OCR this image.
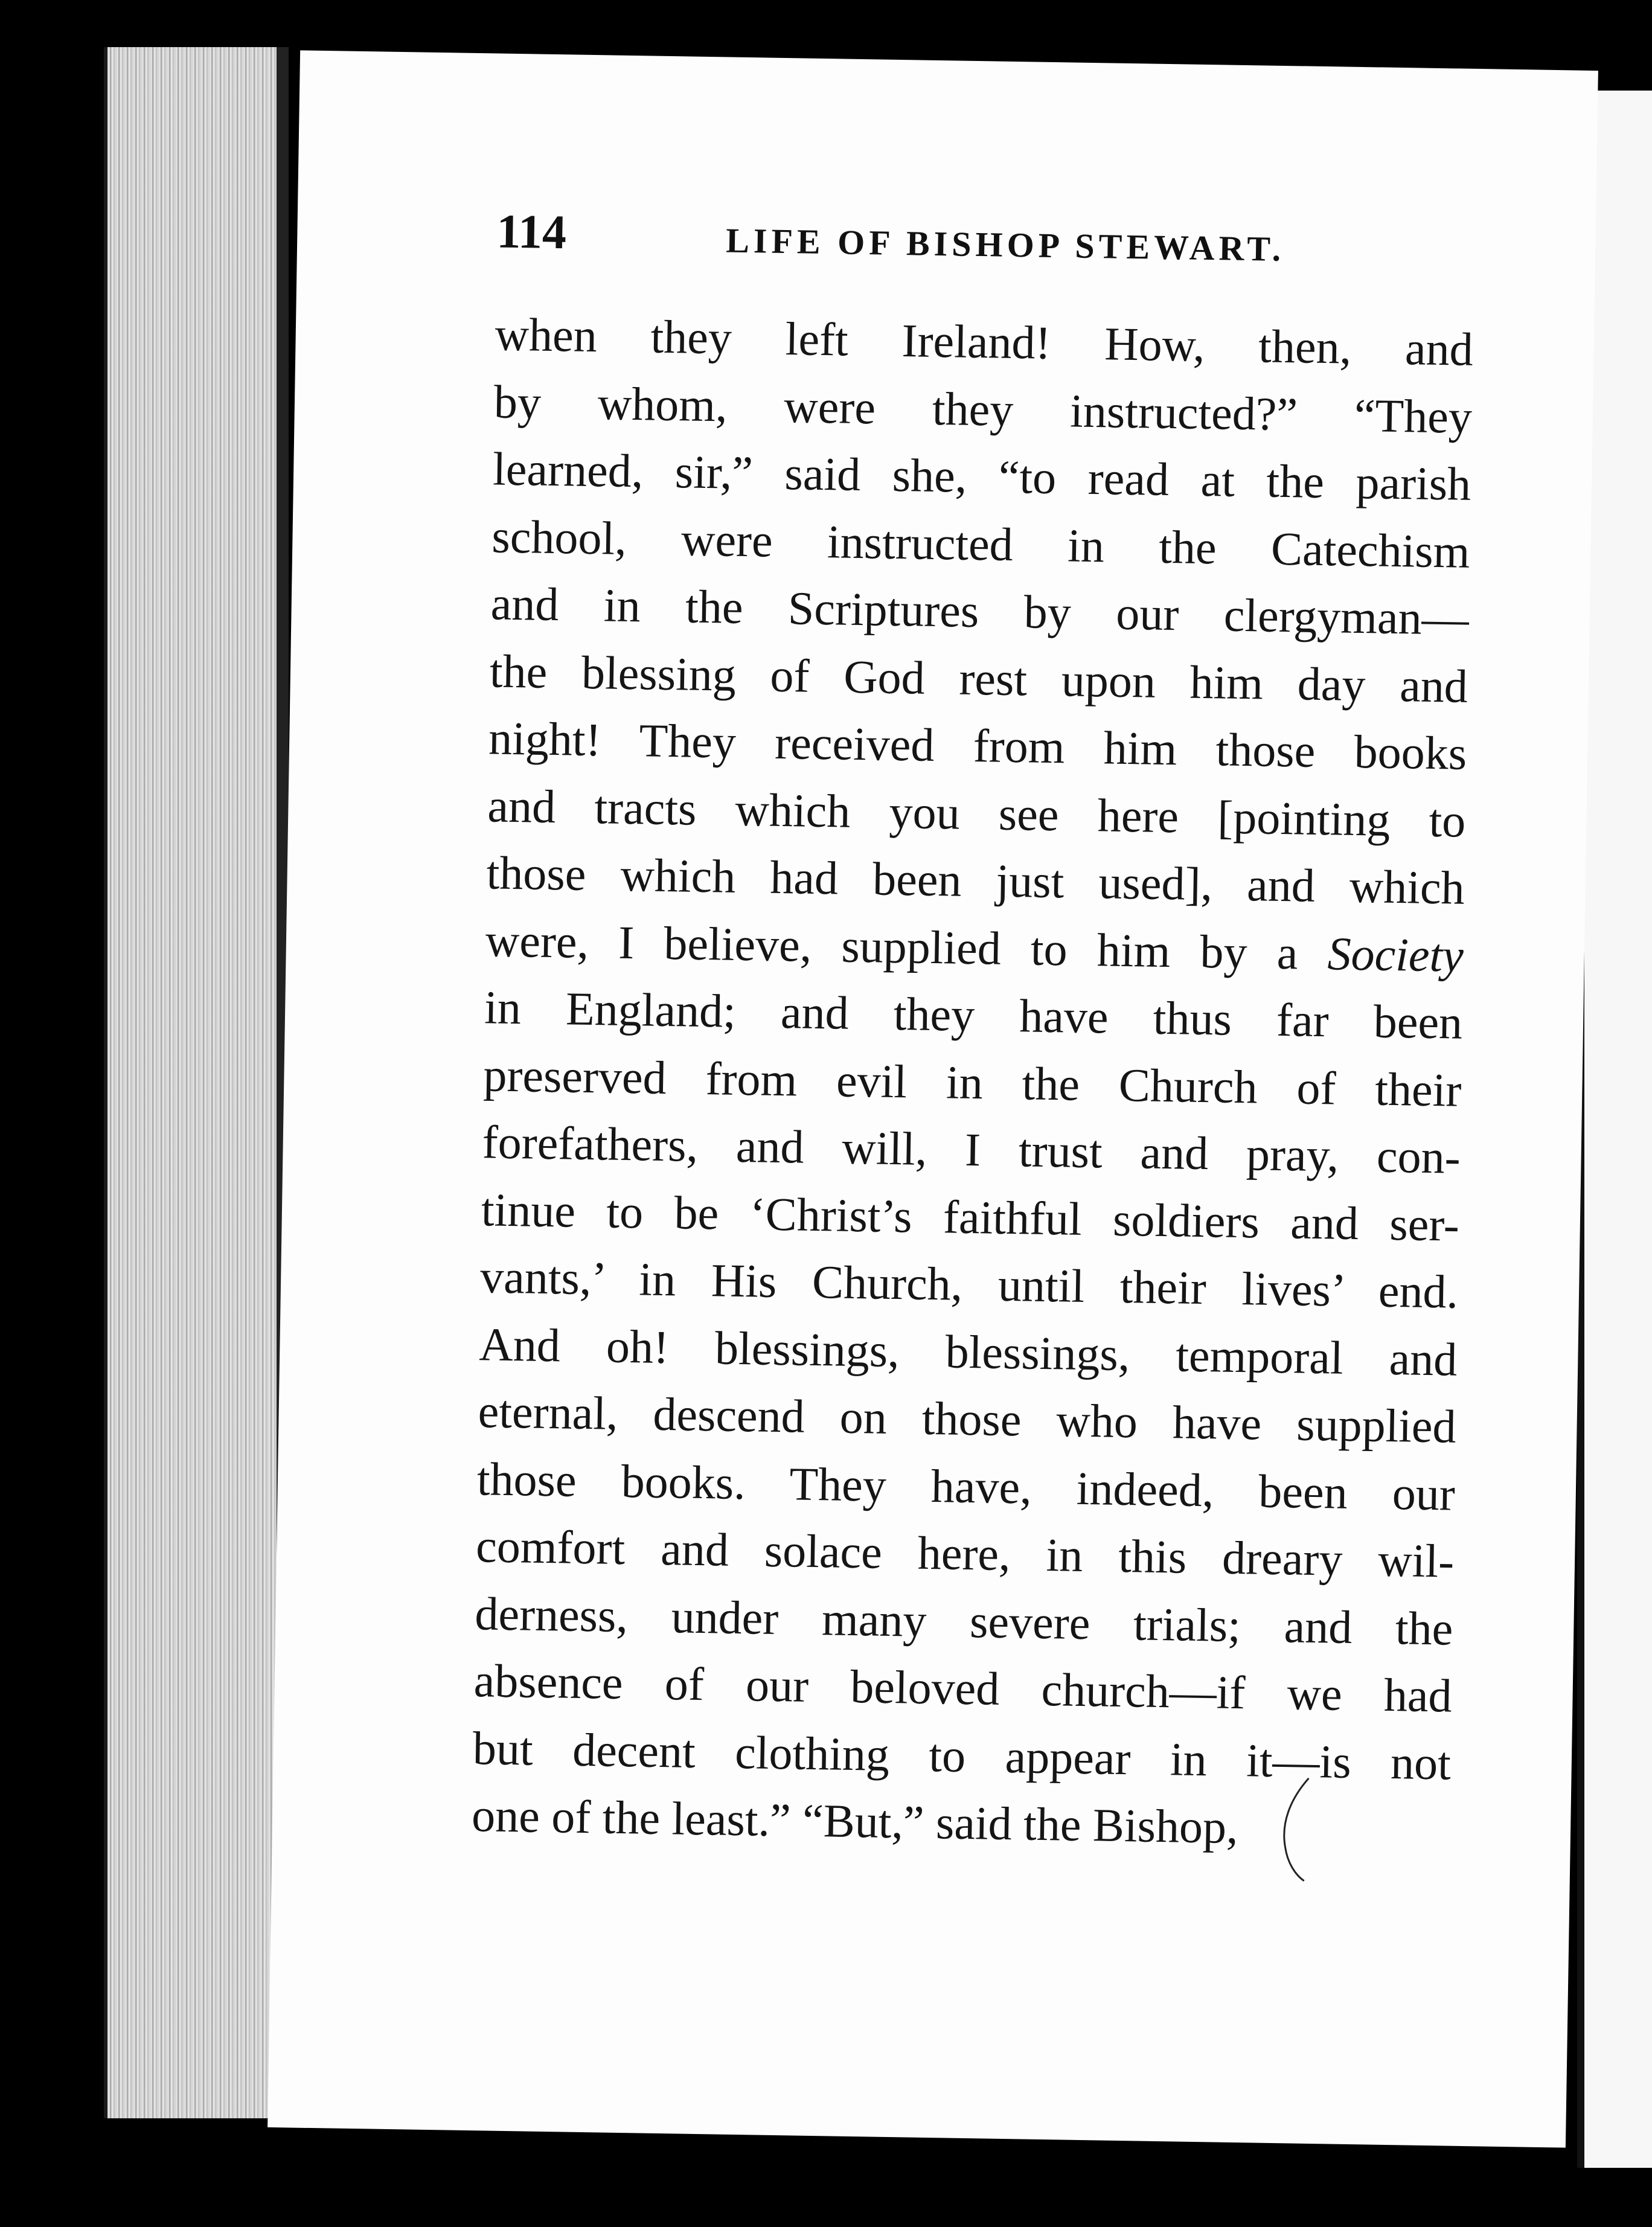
114	LIFE OF BISHOP STEWART.
when they left Ireland! How, then, and
by whom, were they instructed?” “They
learned, sir,” said she, “to read at the parish
school, were instructed in the Catechism
and in the Scriptures by our clergyman—
the blessing of God rest upon him day and
night! They received from him those books
and tracts which you see here [pointing to
those which had been just used], and which
were, I believe, supplied to him by a Society
in England; and they have thus far been
preserved from evil in the Church of their
forefathers, and will, I trust and pray, con-
tinue to be ‘Christ’s faithful soldiers and ser-
vants,’ in His Church, until their lives’ end.
And oh! blessings, blessings, temporal and
eternal, descend on those who have supplied
those books. They have, indeed, been our
comfort and solace here, in this dreary wil-
derness, under many severe trials; and the
absence of our beloved church—if we had
but decent clothing to appear in it—is not
one of the least.” “But,” said the Bishop,
